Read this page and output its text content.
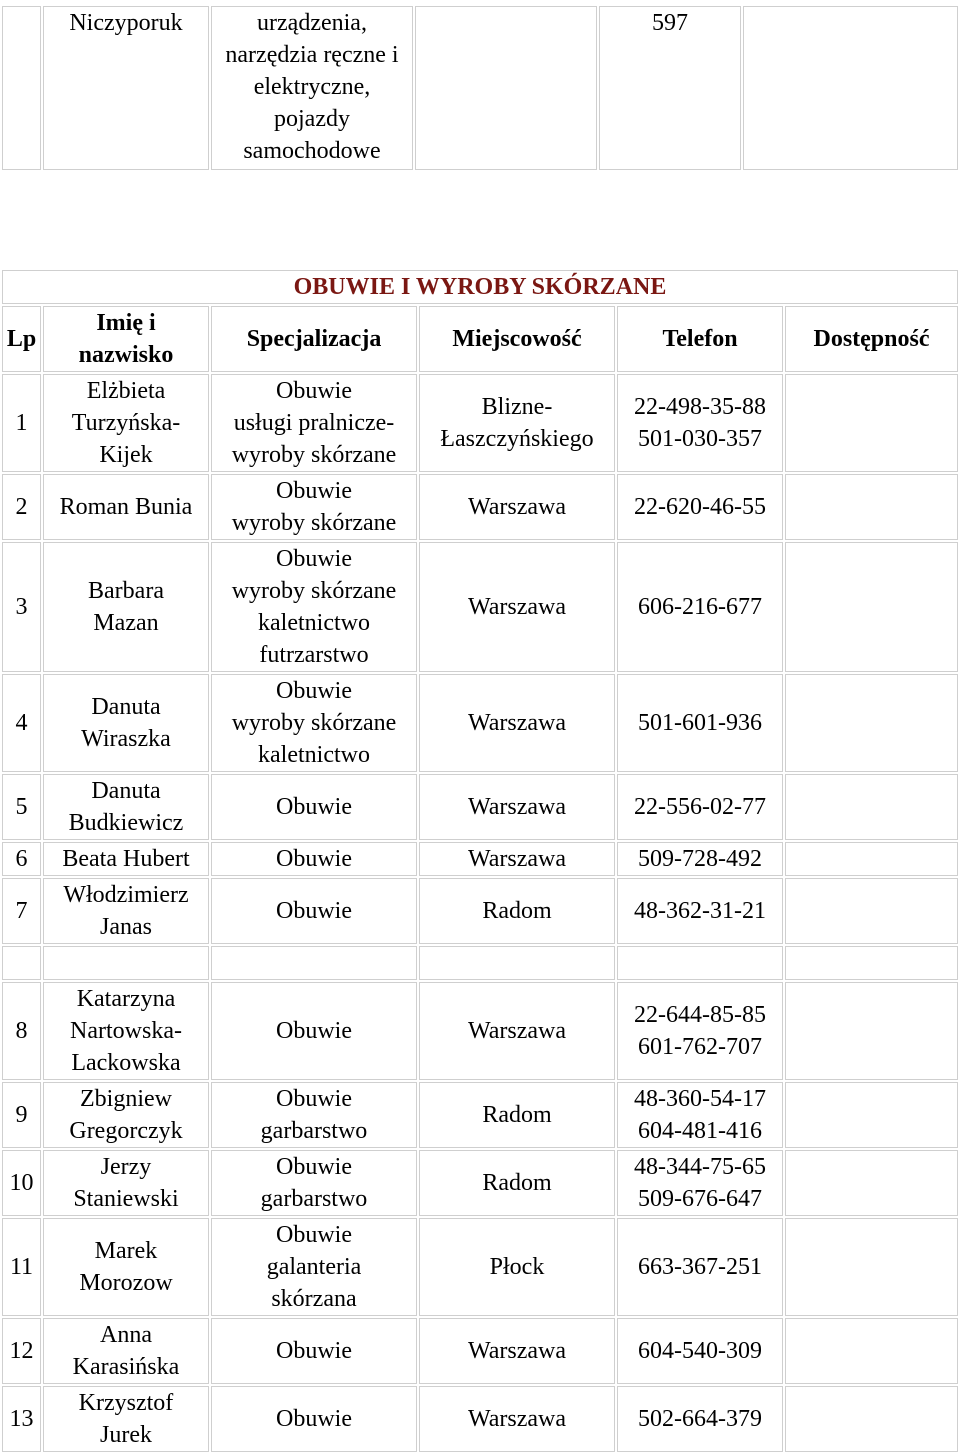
	Niczyporuk	urządzenia,
narzędzia ręczne i
elektryczne,
pojazdy
samochodowe		597	
OBUWIE I WYROBY SKÓRZANE					
Lp	Imię i
nazwisko	Specjalizacja	Miejscowość	Telefon	Dostępność
1	Elżbieta
Turzyńska-
Kijek	Obuwie
usługi pralnicze-
wyroby skórzane	Blizne-
Łaszczyńskiego	22-498-35-88
501-030-357	
2	Roman Bunia	Obuwie
wyroby skórzane	Warszawa	22-620-46-55	
3	Barbara
Mazan	Obuwie
wyroby skórzane
kaletnictwo
futrzarstwo	Warszawa	606-216-677	
4	Danuta
Wiraszka	Obuwie
wyroby skórzane
kaletnictwo	Warszawa	501-601-936	
5	Danuta
Budkiewicz	Obuwie	Warszawa	22-556-02-77	
6	Beata Hubert	Obuwie	Warszawa	509-728-492	
7	Włodzimierz
Janas	Obuwie	Radom	48-362-31-21	

8	Katarzyna
Nartowska-
Lackowska	Obuwie	Warszawa	22-644-85-85
601-762-707	
9	Zbigniew
Gregorczyk	Obuwie
garbarstwo	Radom	48-360-54-17
604-481-416	
10	Jerzy
Staniewski	Obuwie
garbarstwo	Radom	48-344-75-65
509-676-647	
11	Marek
Morozow	Obuwie
galanteria
skórzana	Płock	663-367-251	
12	Anna
Karasińska	Obuwie	Warszawa	604-540-309	
13	Krzysztof
Jurek	Obuwie	Warszawa	502-664-379	
